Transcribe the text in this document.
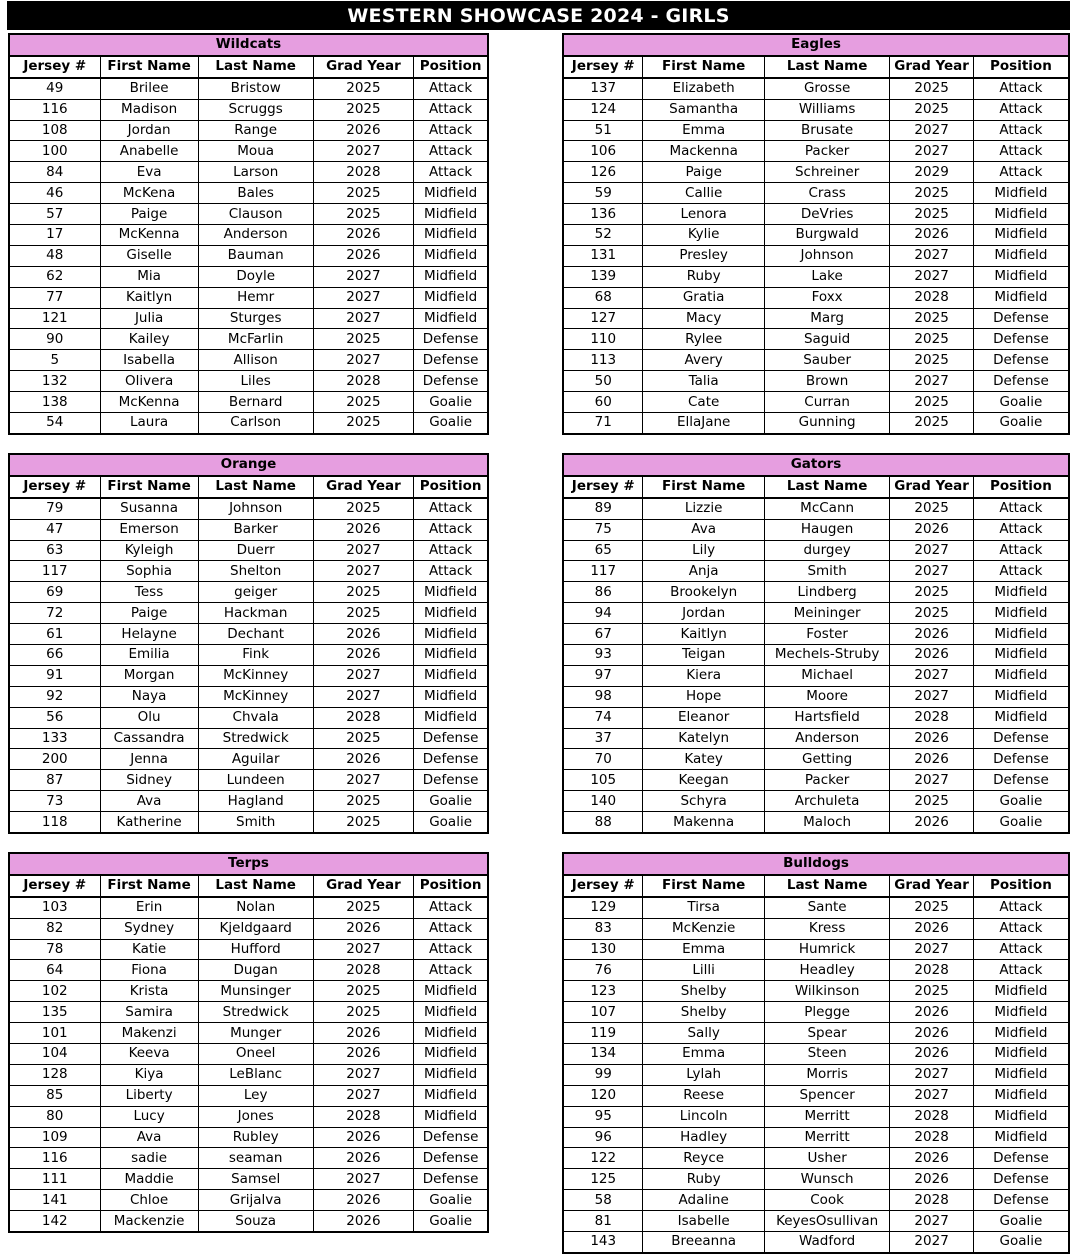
WESTERN SHOWCASE 2024 - GIRLS
Wildcats				
Jersey #	First Name	Last Name	Grad Year	Position
49	Brilee	Bristow	2025	Attack
116	Madison	Scruggs	2025	Attack
108	Jordan	Range	2026	Attack
100	Anabelle	Moua	2027	Attack
84	Eva	Larson	2028	Attack
46	McKena	Bales	2025	Midfield
57	Paige	Clauson	2025	Midfield
17	McKenna	Anderson	2026	Midfield
48	Giselle	Bauman	2026	Midfield
62	Mia	Doyle	2027	Midfield
77	Kaitlyn	Hemr	2027	Midfield
121	Julia	Sturges	2027	Midfield
90	Kailey	McFarlin	2025	Defense
5	Isabella	Allison	2027	Defense
132	Olivera	Liles	2028	Defense
138	McKenna	Bernard	2025	Goalie
54	Laura	Carlson	2025	Goalie
Eagles				
Jersey #	First Name	Last Name	Grad Year	Position
137	Elizabeth	Grosse	2025	Attack
124	Samantha	Williams	2025	Attack
51	Emma	Brusate	2027	Attack
106	Mackenna	Packer	2027	Attack
126	Paige	Schreiner	2029	Attack
59	Callie	Crass	2025	Midfield
136	Lenora	DeVries	2025	Midfield
52	Kylie	Burgwald	2026	Midfield
131	Presley	Johnson	2027	Midfield
139	Ruby	Lake	2027	Midfield
68	Gratia	Foxx	2028	Midfield
127	Macy	Marg	2025	Defense
110	Rylee	Saguid	2025	Defense
113	Avery	Sauber	2025	Defense
50	Talia	Brown	2027	Defense
60	Cate	Curran	2025	Goalie
71	EllaJane	Gunning	2025	Goalie
Orange				
Jersey #	First Name	Last Name	Grad Year	Position
79	Susanna	Johnson	2025	Attack
47	Emerson	Barker	2026	Attack
63	Kyleigh	Duerr	2027	Attack
117	Sophia	Shelton	2027	Attack
69	Tess	geiger	2025	Midfield
72	Paige	Hackman	2025	Midfield
61	Helayne	Dechant	2026	Midfield
66	Emilia	Fink	2026	Midfield
91	Morgan	McKinney	2027	Midfield
92	Naya	McKinney	2027	Midfield
56	Olu	Chvala	2028	Midfield
133	Cassandra	Stredwick	2025	Defense
200	Jenna	Aguilar	2026	Defense
87	Sidney	Lundeen	2027	Defense
73	Ava	Hagland	2025	Goalie
118	Katherine	Smith	2025	Goalie
Gators				
Jersey #	First Name	Last Name	Grad Year	Position
89	Lizzie	McCann	2025	Attack
75	Ava	Haugen	2026	Attack
65	Lily	durgey	2027	Attack
117	Anja	Smith	2027	Attack
86	Brookelyn	Lindberg	2025	Midfield
94	Jordan	Meininger	2025	Midfield
67	Kaitlyn	Foster	2026	Midfield
93	Teigan	Mechels-Struby	2026	Midfield
97	Kiera	Michael	2027	Midfield
98	Hope	Moore	2027	Midfield
74	Eleanor	Hartsfield	2028	Midfield
37	Katelyn	Anderson	2026	Defense
70	Katey	Getting	2026	Defense
105	Keegan	Packer	2027	Defense
140	Schyra	Archuleta	2025	Goalie
88	Makenna	Maloch	2026	Goalie
Terps				
Jersey #	First Name	Last Name	Grad Year	Position
103	Erin	Nolan	2025	Attack
82	Sydney	Kjeldgaard	2026	Attack
78	Katie	Hufford	2027	Attack
64	Fiona	Dugan	2028	Attack
102	Krista	Munsinger	2025	Midfield
135	Samira	Stredwick	2025	Midfield
101	Makenzi	Munger	2026	Midfield
104	Keeva	Oneel	2026	Midfield
128	Kiya	LeBlanc	2027	Midfield
85	Liberty	Ley	2027	Midfield
80	Lucy	Jones	2028	Midfield
109	Ava	Rubley	2026	Defense
116	sadie	seaman	2026	Defense
111	Maddie	Samsel	2027	Defense
141	Chloe	Grijalva	2026	Goalie
142	Mackenzie	Souza	2026	Goalie
Bulldogs				
Jersey #	First Name	Last Name	Grad Year	Position
129	Tirsa	Sante	2025	Attack
83	McKenzie	Kress	2026	Attack
130	Emma	Humrick	2027	Attack
76	Lilli	Headley	2028	Attack
123	Shelby	Wilkinson	2025	Midfield
107	Shelby	Plegge	2026	Midfield
119	Sally	Spear	2026	Midfield
134	Emma	Steen	2026	Midfield
99	Lylah	Morris	2027	Midfield
120	Reese	Spencer	2027	Midfield
95	Lincoln	Merritt	2028	Midfield
96	Hadley	Merritt	2028	Midfield
122	Reyce	Usher	2026	Defense
125	Ruby	Wunsch	2026	Defense
58	Adaline	Cook	2028	Defense
81	Isabelle	KeyesOsullivan	2027	Goalie
143	Breeanna	Wadford	2027	Goalie
